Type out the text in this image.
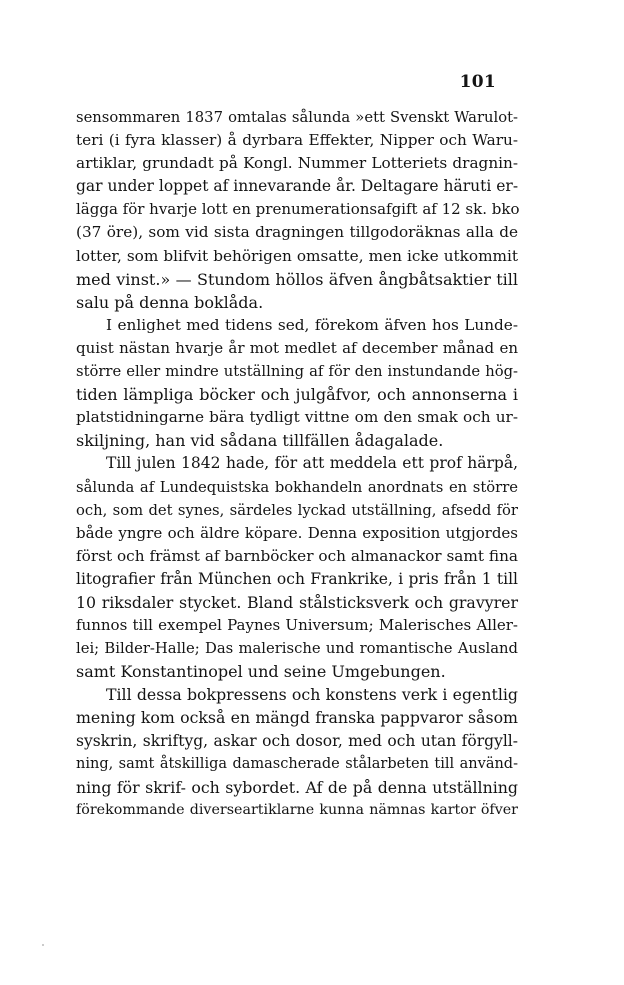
101
sensommaren 1837 omtalas sålunda »ett Svenskt Warulot-
teri (i fyra klasser) å dyrbara Effekter, Nipper och Waru-
artiklar, grundadt på Kongl. Nummer Lotteriets dragnin-
gar under loppet af innevarande år. Deltagare häruti er-
lägga för hvarje lott en prenumerationsafgift af 12 sk. bko
(37 öre), som vid sista dragningen tillgodoräknas alla de
lotter, som blifvit behörigen omsatte, men icke utkommit
med vinst.» — Stundom höllos äfven ångbåtsaktier till
salu på denna boklåda.
I enlighet med tidens sed, förekom äfven hos Lunde-
quist nästan hvarje år mot medlet af december månad en
större eller mindre utställning af för den instundande hög-
tiden lämpliga böcker och julgåfvor, och annonserna i
platstidningarne bära tydligt vittne om den smak och ur-
skiljning, han vid sådana tillfällen ådagalade.
Till julen 1842 hade, för att meddela ett prof härpå,
sålunda af Lundequistska bokhandeln anordnats en större
och, som det synes, särdeles lyckad utställning, afsedd för
både yngre och äldre köpare. Denna exposition utgjordes
först och främst af barnböcker och almanackor samt fina
litografier från München och Frankrike, i pris från 1 till
10 riksdaler stycket. Bland stålsticksverk och gravyrer
funnos till exempel Paynes Universum; Malerisches Aller-
lei; Bilder-Halle; Das malerische und romantische Ausland
samt Konstantinopel und seine Umgebungen.
Till dessa bokpressens och konstens verk i egentlig
mening kom också en mängd franska pappvaror såsom
syskrin, skriftyg, askar och dosor, med och utan förgyll-
ning, samt åtskilliga damascherade stålarbeten till använd-
ning för skrif- och sybordet. Af de på denna utställning
förekommande diverseartiklarne kunna nämnas kartor öfver
